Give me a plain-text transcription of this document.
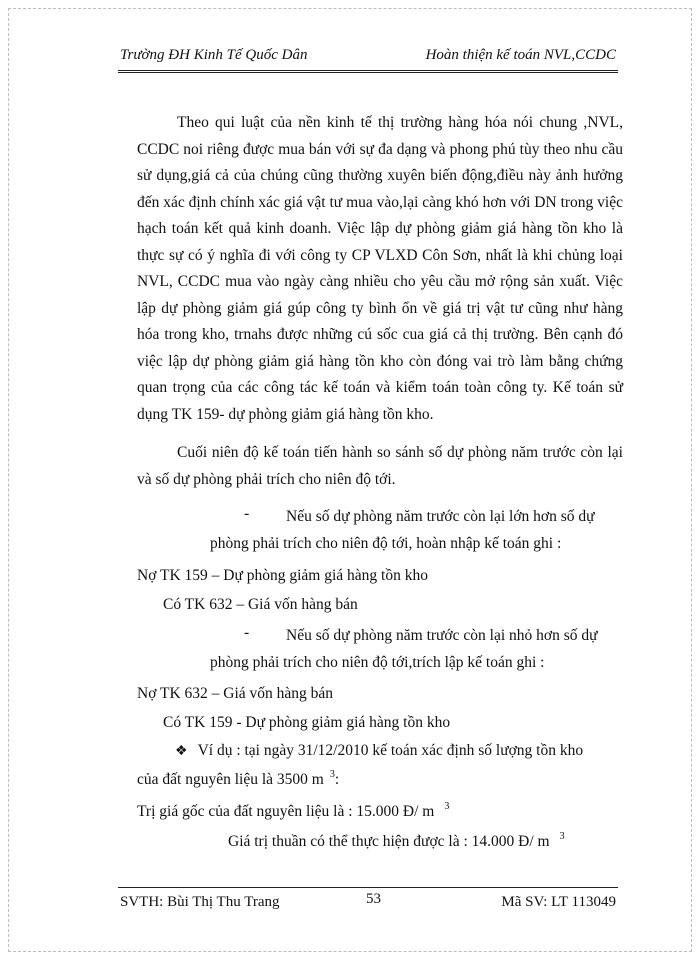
Trường ĐH Kinh Tế Quốc Dân	Hoàn thiện kế toán NVL,CCDC

Theo qui luật của nền kinh tế thị trường hàng hóa nói chung ,NVL, CCDC noi riêng được mua bán với sự đa dạng và phong phú tùy theo nhu cầu sử dụng,giá cả của chúng cũng thường xuyên biến động,điều này ảnh hưởng đến xác định chính xác giá vật tư mua vào,lại càng khó hơn với DN trong việc hạch toán kết quả kinh doanh. Việc lập dự phòng giảm giá hàng tồn kho là thực sự có ý nghĩa đi với công ty CP VLXD Côn Sơn, nhất là khi chủng loại NVL, CCDC mua vào ngày càng nhiều cho yêu cầu mở rộng sản xuất. Việc lập dự phòng giảm giá gúp công ty bình ổn về giá trị vật tư cũng như hàng hóa trong kho, trnahs được những cú sốc cua giá cả thị trường. Bên cạnh đó việc lập dự phòng giảm giá hàng tồn kho còn đóng vai trò làm bằng chứng quan trọng của các công tác kế toán và kiểm toán toàn công ty. Kế toán sử dụng TK 159- dự phòng giảm giá hàng tồn kho.

Cuối niên độ kế toán tiến hành so sánh số dự phòng năm trước còn lại và số dự phòng phải trích cho niên độ tới.

- Nếu số dự phòng năm trước còn lại lớn hơn số dự
phòng phải trích cho niên độ tới, hoàn nhập kế toán ghi :
Nợ TK 159 – Dự phòng giảm giá hàng tồn kho
Có TK 632 – Giá vốn hàng bán
- Nếu số dự phòng năm trước còn lại nhỏ hơn số dự
phòng phải trích cho niên độ tới,trích lập kế toán ghi :
Nợ TK 632 – Giá vốn hàng bán
Có TK 159 - Dự phòng giảm giá hàng tồn kho
❖ Ví dụ : tại ngày 31/12/2010 kế toán xác định số lượng tồn kho
của đất nguyên liệu là 3500 m $^3$:
Trị giá gốc của đất nguyên liệu là : 15.000 Đ/ m $^3$
Giá trị thuần có thể thực hiện được là : 14.000 Đ/ m $^3$
SVTH: Bùi Thị Thu Trang	53	Mã SV: LT 113049
